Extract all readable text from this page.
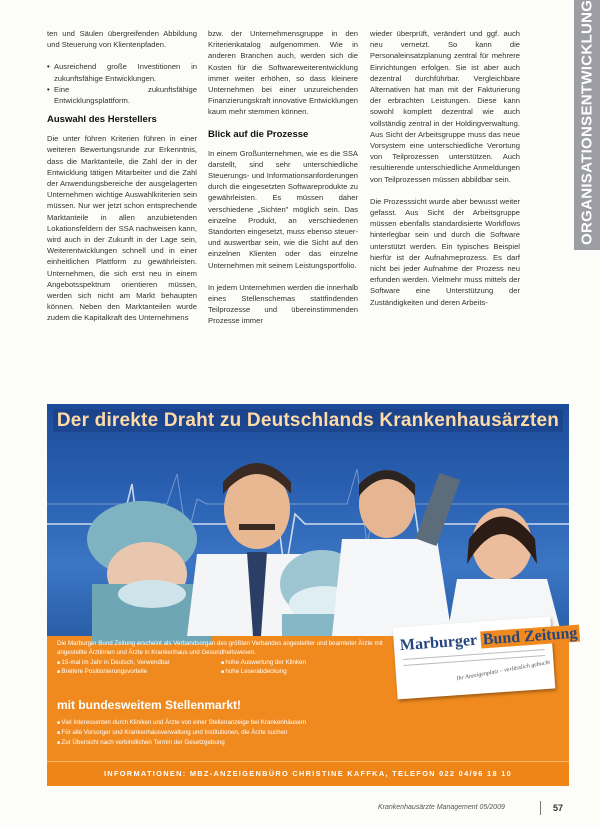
ORGANISATIONSENTWICKLUNG

ten und Säulen übergreifenden Abbildung und Steuerung von Klientenpfaden.

• Ausreichend große Investitionen in zukunftsfähige Entwicklungen.
• Eine zukunftsfähige Entwicklungsplattform.
Auswahl des Herstellers

Die unter führen Kriterien führen in einer weiteren Bewertungsrunde zur Erkenntnis, dass die Marktanteile, die Zahl der in der Entwicklung tätigen Mitarbeiter und die Zahl der Anwendungsbereiche der ausgelagerten Unternehmen wichtige Auswahlkriterien sein müssen. Nur wer jetzt schon entsprechende Marktanteile in allen anzubietenden Lokationsfeldern der SSA nachweisen kann, wird auch in der Zukunft in der Lage sein, Weiterentwicklungen schnell und in einer einheitlichen Plattform zu gewährleisten. Unternehmen, die sich erst neu in einem Angebotsspektrum orientieren müssen, werden sich nicht am Markt behaupten können. Neben den Marktanteilen wurde zudem die Kapitalkraft des Unternehmens

bzw. der Unternehmensgruppe in den Kriterienkatalog aufgenommen. Wie in anderen Branchen auch, werden sich die Kosten für die Softwareweiterentwicklung immer weiter erhöhen, so dass kleinere Unternehmen bei einer unzureichenden Finanzierungskraft innovative Entwicklungen kaum mehr stemmen können.

Blick auf die Prozesse

In einem Großunternehmen, wie es die SSA darstellt, sind sehr unterschiedliche Steuerungs- und Informationsanforderungen durch die eingesetzten Softwareprodukte zu gewährleisten. Es müssen daher verschiedene „Sichten" möglich sein. Das einzelne Produkt, an verschiedenen Standorten eingesetzt, muss ebenso steuer- und auswertbar sein, wie die Sicht auf den einzelnen Klienten oder das einzelne Unternehmen mit seinem Leistungsportfolio.

In jedem Unternehmen werden die innerhalb eines Stellenschemas stattfindenden Teilprozesse und übereinstimmenden Prozesse immer

wieder überprüft, verändert und ggf. auch neu vernetzt. So kann die Personaleinsatzplanung zentral für mehrere Einrichtungen erfolgen. Sie ist aber auch dezentral durchführbar. Vergleichbare Alternativen hat man mit der Fakturierung der erbrachten Leistungen. Diese kann sowohl komplett dezentral wie auch vollständig zentral in der Holdingverwaltung. Aus Sicht der Arbeitsgruppe muss das neue Vorsystem eine unterschiedliche Verortung von Teilprozessen unterstützen. Auch resultierende unterschiedliche Anmeldungen von Teilprozessen müssen abbildbar sein.

Die Prozesssicht wurde aber bewusst weiter gefasst. Aus Sicht der Arbeitsgruppe müssen ebenfalls standardisierte Workflows hinterlegbar sein und durch die Software unterstützt werden. Ein typisches Beispiel hierfür ist der Aufnahmeprozess. Es darf nicht bei jeder Aufnahme der Prozess neu erfunden werden. Vielmehr muss mittels der Software eine Unterstützung der Zuständigkeiten und deren Arbeits-

Der direkte Draht zu Deutschlands Krankenhausärzten
Marburger Bund Zeitung
Ihr Anzeigenplatz – verlässlich gebucht

Die Marburger Bund Zeitung erscheint als Verbandsorgan des größten Verbandes angestellter und beamteter Ärzte mit angestellte Ärztinnen und Ärzte in Krankenhaus und Gesundheitswesen.

■ 15-mal im Jahr in Deutsch, Verwendbar	■ hohe Auswertung der Klinken
■ Breitere Positionierungsvorteile	■ hohe Leserabdeckung
mit bundesweitem Stellenmarkt!
■ Viel Interessenten durch Kliniken und Ärzte von einer Stellenanzeige bei Krankenhäusern
■ Für alle Vorsorger und Krankenhausverwaltung und Institutionen, die Ärzte suchen
■ Zur Übersicht nach verbindlichen Termin der Gesetzgebung
INFORMATIONEN: MBZ-ANZEIGENBÜRO CHRISTINE KAFFKA, TELEFON 022 04/96 18 10
Krankenhausärzte Management 05/2009	57
